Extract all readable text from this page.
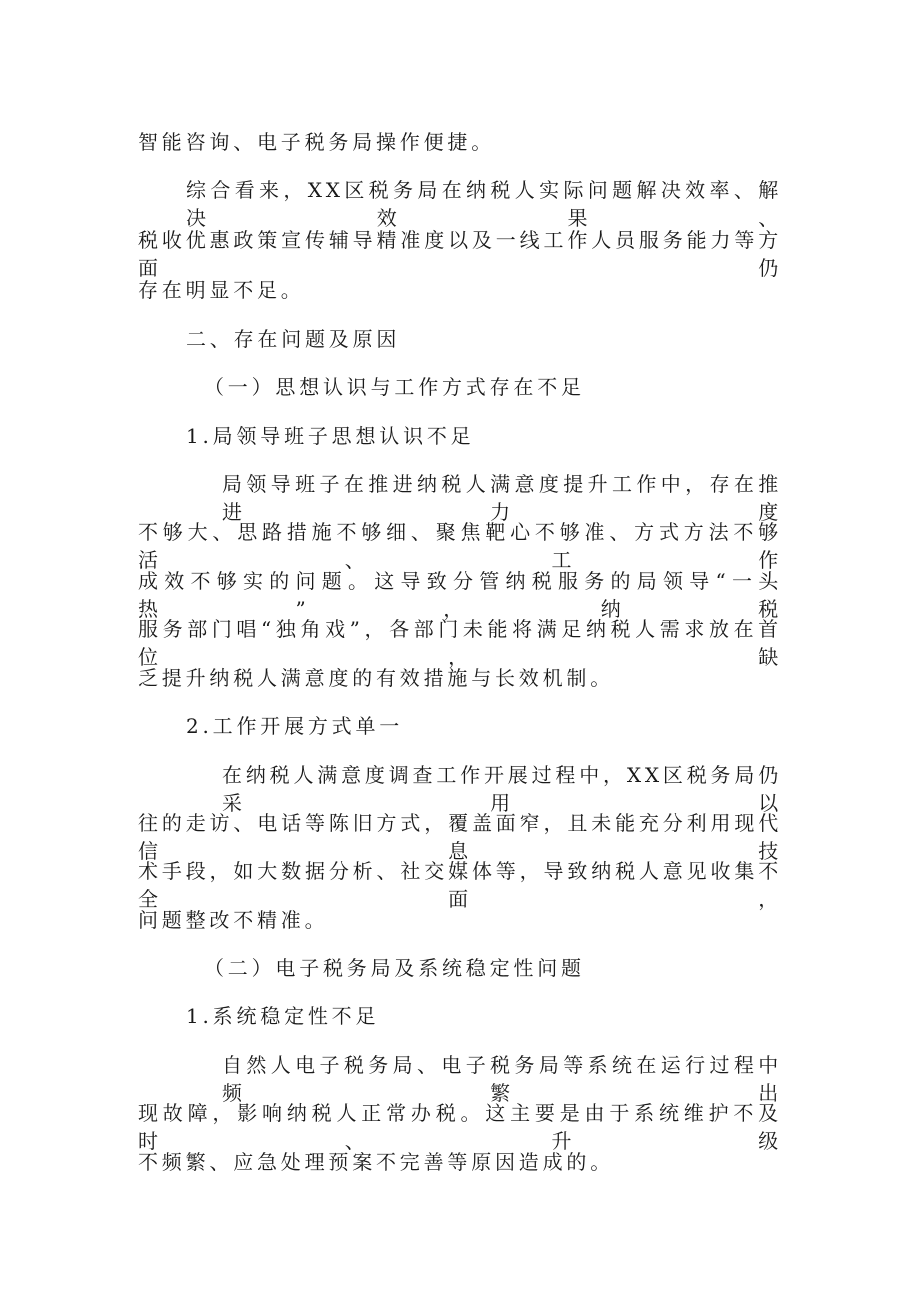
智能咨询、电子税务局操作便捷。
综合看来，XX区税务局在纳税人实际问题解决效率、解决效果、
税收优惠政策宣传辅导精准度以及一线工作人员服务能力等方面仍
存在明显不足。
二、存在问题及原因
（一）思想认识与工作方式存在不足
1.局领导班子思想认识不足
局领导班子在推进纳税人满意度提升工作中，存在推进力度
不够大、思路措施不够细、聚焦靶心不够准、方式方法不够活、工作
成效不够实的问题。这导致分管纳税服务的局领导“一头热”，纳税
服务部门唱“独角戏”，各部门未能将满足纳税人需求放在首位，缺
乏提升纳税人满意度的有效措施与长效机制。
2.工作开展方式单一
在纳税人满意度调查工作开展过程中，XX区税务局仍采用以
往的走访、电话等陈旧方式，覆盖面窄，且未能充分利用现代信息技
术手段，如大数据分析、社交媒体等，导致纳税人意见收集不全面，
问题整改不精准。
（二）电子税务局及系统稳定性问题
1.系统稳定性不足
自然人电子税务局、电子税务局等系统在运行过程中频繁出
现故障，影响纳税人正常办税。这主要是由于系统维护不及时、升级
不频繁、应急处理预案不完善等原因造成的。
